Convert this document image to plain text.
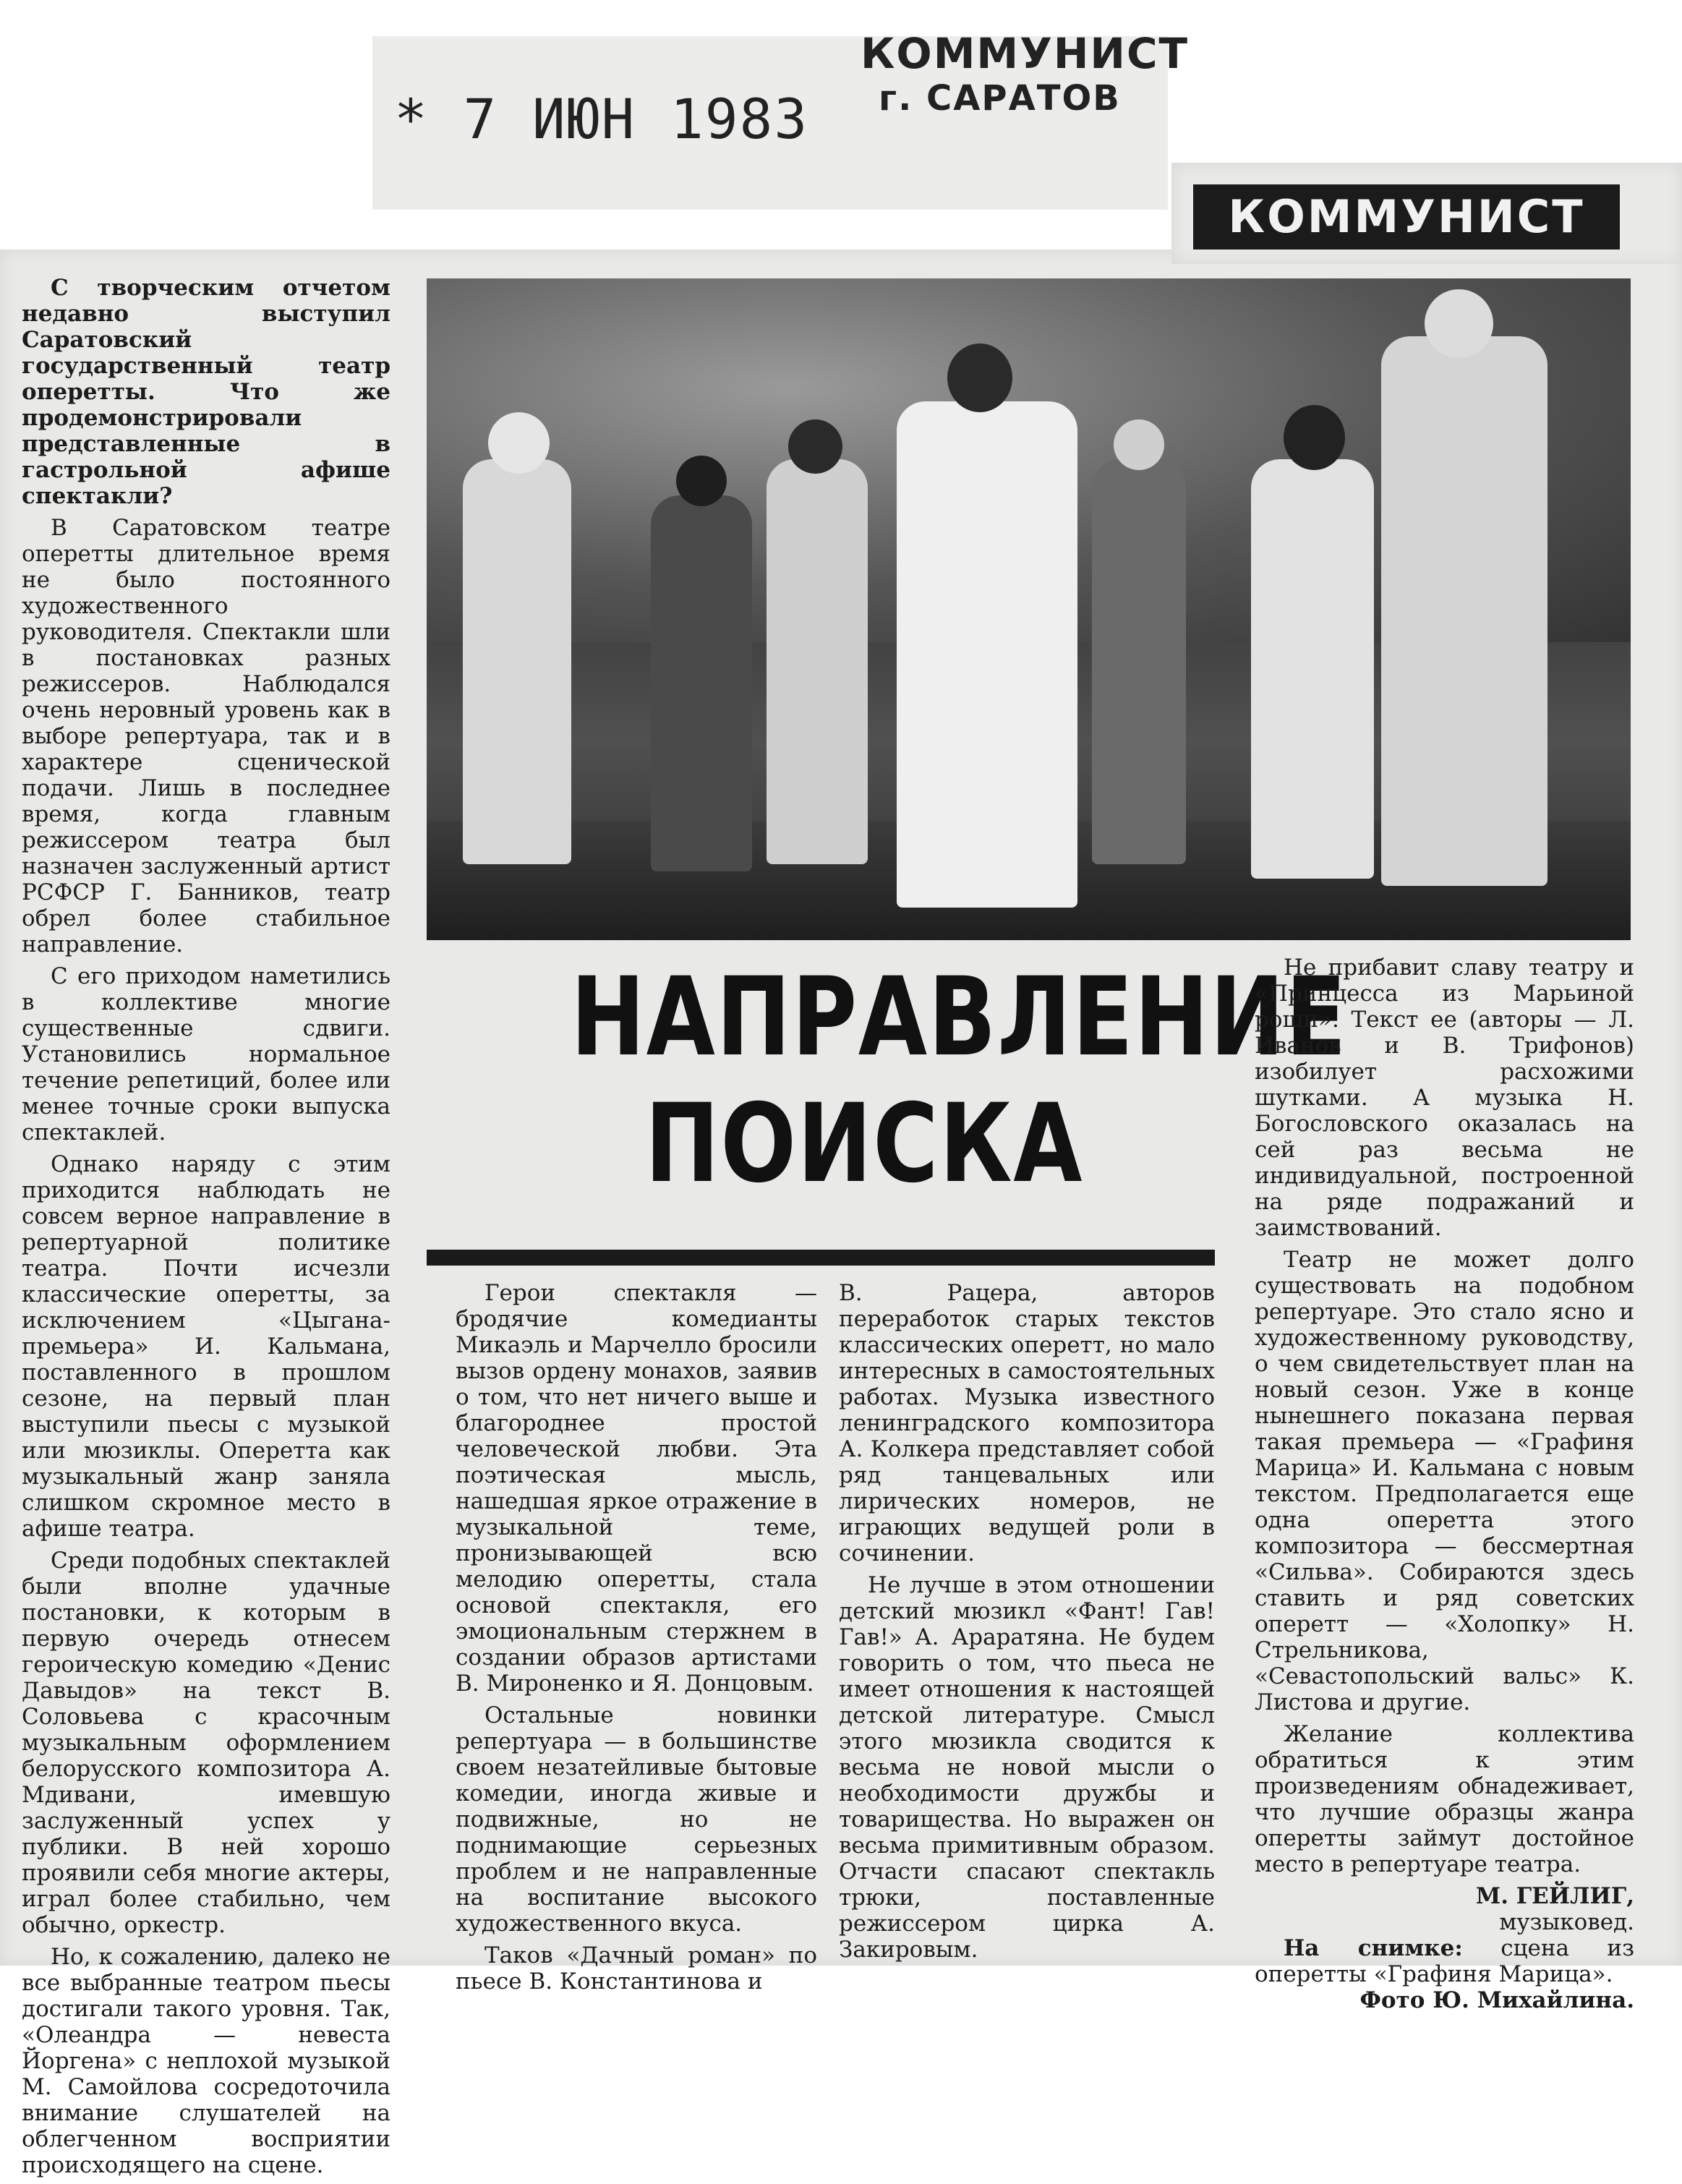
* 7 ИЮН 1983
КОММУНИСТ
г. САРАТОВ
КОММУНИСТ

С творческим отчетом недавно выступил Саратовский государственный театр оперетты. Что же продемонстрировали представленные в гастрольной афише спектакли?

В Саратовском театре оперетты длительное время не было постоянного художественного руководителя. Спектакли шли в постановках разных режиссеров. Наблюдался очень неровный уровень как в выборе репертуара, так и в характере сценической подачи. Лишь в последнее время, когда главным режиссером театра был назначен заслуженный артист РСФСР Г. Банников, театр обрел более стабильное направление.

С его приходом наметились в коллективе многие существенные сдвиги. Установились нормальное течение репетиций, более или менее точные сроки выпуска спектаклей.

Однако наряду с этим приходится наблюдать не совсем верное направление в репертуарной политике театра. Почти исчезли классические оперетты, за исключением «Цыгана-премьера» И. Кальмана, поставленного в прошлом сезоне, на первый план выступили пьесы с музыкой или мюзиклы. Оперетта как музыкальный жанр заняла слишком скромное место в афише театра.

Среди подобных спектаклей были вполне удачные постановки, к которым в первую очередь отнесем героическую комедию «Денис Давыдов» на текст В. Соловьева с красочным музыкальным оформлением белорусского композитора А. Мдивани, имевшую заслуженный успех у публики. В ней хорошо проявили себя многие актеры, играл более стабильно, чем обычно, оркестр.

Но, к сожалению, далеко не все выбранные театром пьесы достигали такого уровня. Так, «Олеандра — невеста Йоргена» с неплохой музыкой М. Самойлова сосредоточила внимание слушателей на облегченном восприятии происходящего на сцене.

НАПРАВЛЕНИЕ
ПОИСКА

Герои спектакля — бродячие комедианты Микаэль и Марчелло бросили вызов ордену монахов, заявив о том, что нет ничего выше и благороднее простой человеческой любви. Эта поэтическая мысль, нашедшая яркое отражение в музыкальной теме, пронизывающей всю мелодию оперетты, стала основой спектакля, его эмоциональным стержнем в создании образов артистами В. Мироненко и Я. Донцовым.

Остальные новинки репертуара — в большинстве своем незатейливые бытовые комедии, иногда живые и подвижные, но не поднимающие серьезных проблем и не направленные на воспитание высокого художественного вкуса.

Таков «Дачный роман» по пьесе В. Константинова и

В. Рацера, авторов переработок старых текстов классических оперетт, но мало интересных в самостоятельных работах. Музыка известного ленинградского композитора А. Колкера представляет собой ряд танцевальных или лирических номеров, не играющих ведущей роли в сочинении.

Не лучше в этом отношении детский мюзикл «Фант! Гав! Гав!» А. Араратяна. Не будем говорить о том, что пьеса не имеет отношения к настоящей детской литературе. Смысл этого мюзикла сводится к весьма не новой мысли о необходимости дружбы и товарищества. Но выражен он весьма примитивным образом. Отчасти спасают спектакль трюки, поставленные режиссером цирка А. Закировым.

Не прибавит славу театру и «Принцесса из Марьиной рощи». Текст ее (авторы — Л. Иванов и В. Трифонов) изобилует расхожими шутками. А музыка Н. Богословского оказалась на сей раз весьма не индивидуальной, построенной на ряде подражаний и заимствований.

Театр не может долго существовать на подобном репертуаре. Это стало ясно и художественному руководству, о чем свидетельствует план на новый сезон. Уже в конце нынешнего показана первая такая премьера — «Графиня Марица» И. Кальмана с новым текстом. Предполагается еще одна оперетта этого композитора — бессмертная «Сильва». Собираются здесь ставить и ряд советских оперетт — «Холопку» Н. Стрельникова, «Севастопольский вальс» К. Листова и другие.

Желание коллектива обратиться к этим произведениям обнадеживает, что лучшие образцы жанра оперетты займут достойное место в репертуаре театра.

М. ГЕЙЛИГ,

музыковед.

На снимке: сцена из оперетты «Графиня Марица».

Фото Ю. Михайлина.
